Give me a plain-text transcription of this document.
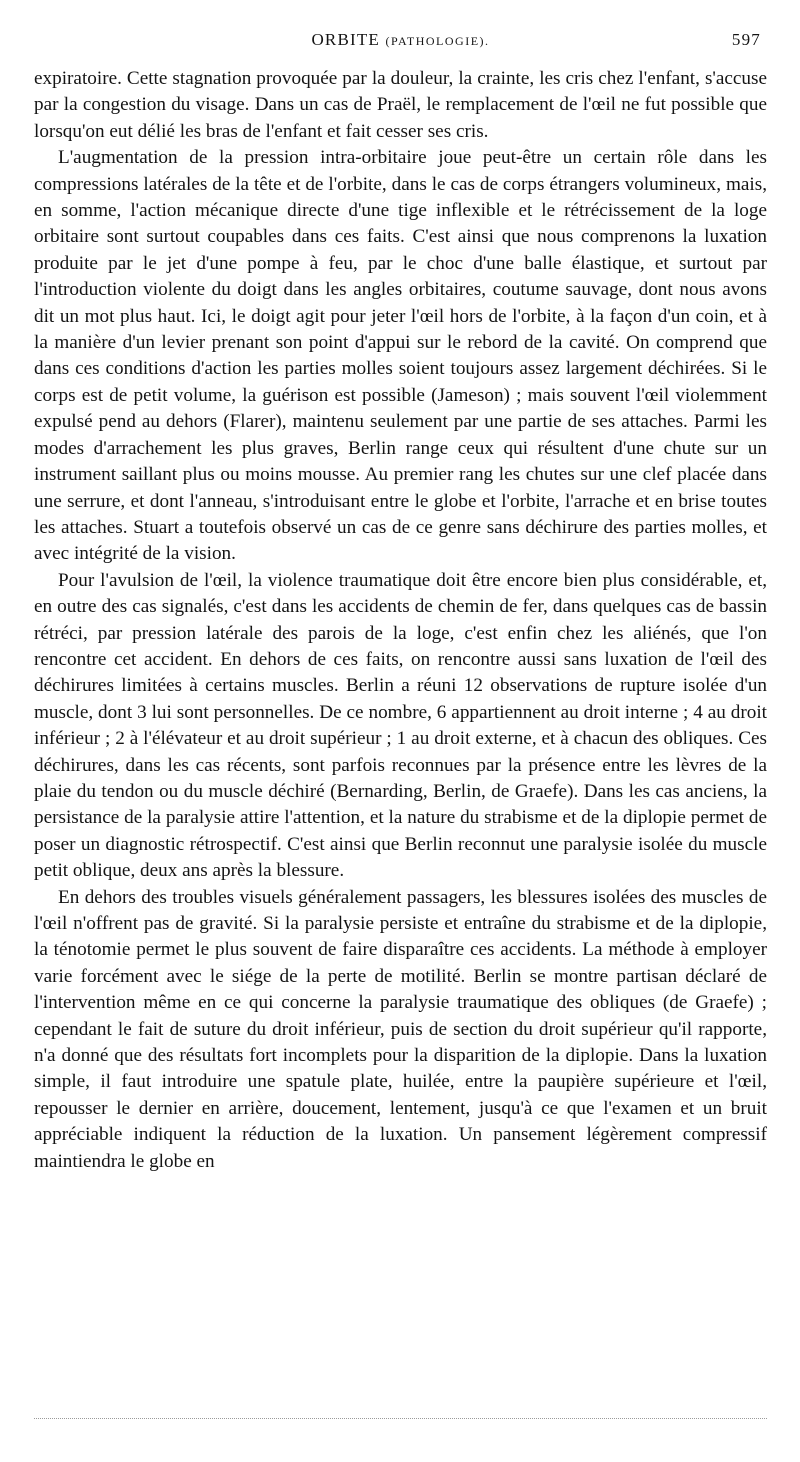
ORBITE (PATHOLOGIE).	597

expiratoire. Cette stagnation provoquée par la douleur, la crainte, les cris chez l'enfant, s'accuse par la congestion du visage. Dans un cas de Praël, le remplacement de l'œil ne fut possible que lorsqu'on eut délié les bras de l'enfant et fait cesser ses cris.

L'augmentation de la pression intra-orbitaire joue peut-être un certain rôle dans les compressions latérales de la tête et de l'orbite, dans le cas de corps étrangers volumineux, mais, en somme, l'action mécanique directe d'une tige inflexible et le rétrécissement de la loge orbitaire sont surtout coupables dans ces faits. C'est ainsi que nous comprenons la luxation produite par le jet d'une pompe à feu, par le choc d'une balle élastique, et surtout par l'introduction violente du doigt dans les angles orbitaires, coutume sauvage, dont nous avons dit un mot plus haut. Ici, le doigt agit pour jeter l'œil hors de l'orbite, à la façon d'un coin, et à la manière d'un levier prenant son point d'appui sur le rebord de la cavité. On comprend que dans ces conditions d'action les parties molles soient toujours assez largement déchirées. Si le corps est de petit volume, la guérison est possible (Jameson) ; mais souvent l'œil violemment expulsé pend au dehors (Flarer), maintenu seulement par une partie de ses attaches. Parmi les modes d'arrachement les plus graves, Berlin range ceux qui résultent d'une chute sur un instrument saillant plus ou moins mousse. Au premier rang les chutes sur une clef placée dans une serrure, et dont l'anneau, s'introduisant entre le globe et l'orbite, l'arrache et en brise toutes les attaches. Stuart a toutefois observé un cas de ce genre sans déchirure des parties molles, et avec intégrité de la vision.

Pour l'avulsion de l'œil, la violence traumatique doit être encore bien plus considérable, et, en outre des cas signalés, c'est dans les accidents de chemin de fer, dans quelques cas de bassin rétréci, par pression latérale des parois de la loge, c'est enfin chez les aliénés, que l'on rencontre cet accident. En dehors de ces faits, on rencontre aussi sans luxation de l'œil des déchirures limitées à certains muscles. Berlin a réuni 12 observations de rupture isolée d'un muscle, dont 3 lui sont personnelles. De ce nombre, 6 appartiennent au droit interne ; 4 au droit inférieur ; 2 à l'élévateur et au droit supérieur ; 1 au droit externe, et à chacun des obliques. Ces déchirures, dans les cas récents, sont parfois reconnues par la présence entre les lèvres de la plaie du tendon ou du muscle déchiré (Bernarding, Berlin, de Graefe). Dans les cas anciens, la persistance de la paralysie attire l'attention, et la nature du strabisme et de la diplopie permet de poser un diagnostic rétrospectif. C'est ainsi que Berlin reconnut une paralysie isolée du muscle petit oblique, deux ans après la blessure.

En dehors des troubles visuels généralement passagers, les blessures isolées des muscles de l'œil n'offrent pas de gravité. Si la paralysie persiste et entraîne du strabisme et de la diplopie, la ténotomie permet le plus souvent de faire disparaître ces accidents. La méthode à employer varie forcément avec le siége de la perte de motilité. Berlin se montre partisan déclaré de l'intervention même en ce qui concerne la paralysie traumatique des obliques (de Graefe) ; cependant le fait de suture du droit inférieur, puis de section du droit supérieur qu'il rapporte, n'a donné que des résultats fort incomplets pour la disparition de la diplopie. Dans la luxation simple, il faut introduire une spatule plate, huilée, entre la paupière supérieure et l'œil, repousser le dernier en arrière, doucement, lentement, jusqu'à ce que l'examen et un bruit appréciable indiquent la réduction de la luxation. Un pansement légèrement compressif maintiendra le globe en
